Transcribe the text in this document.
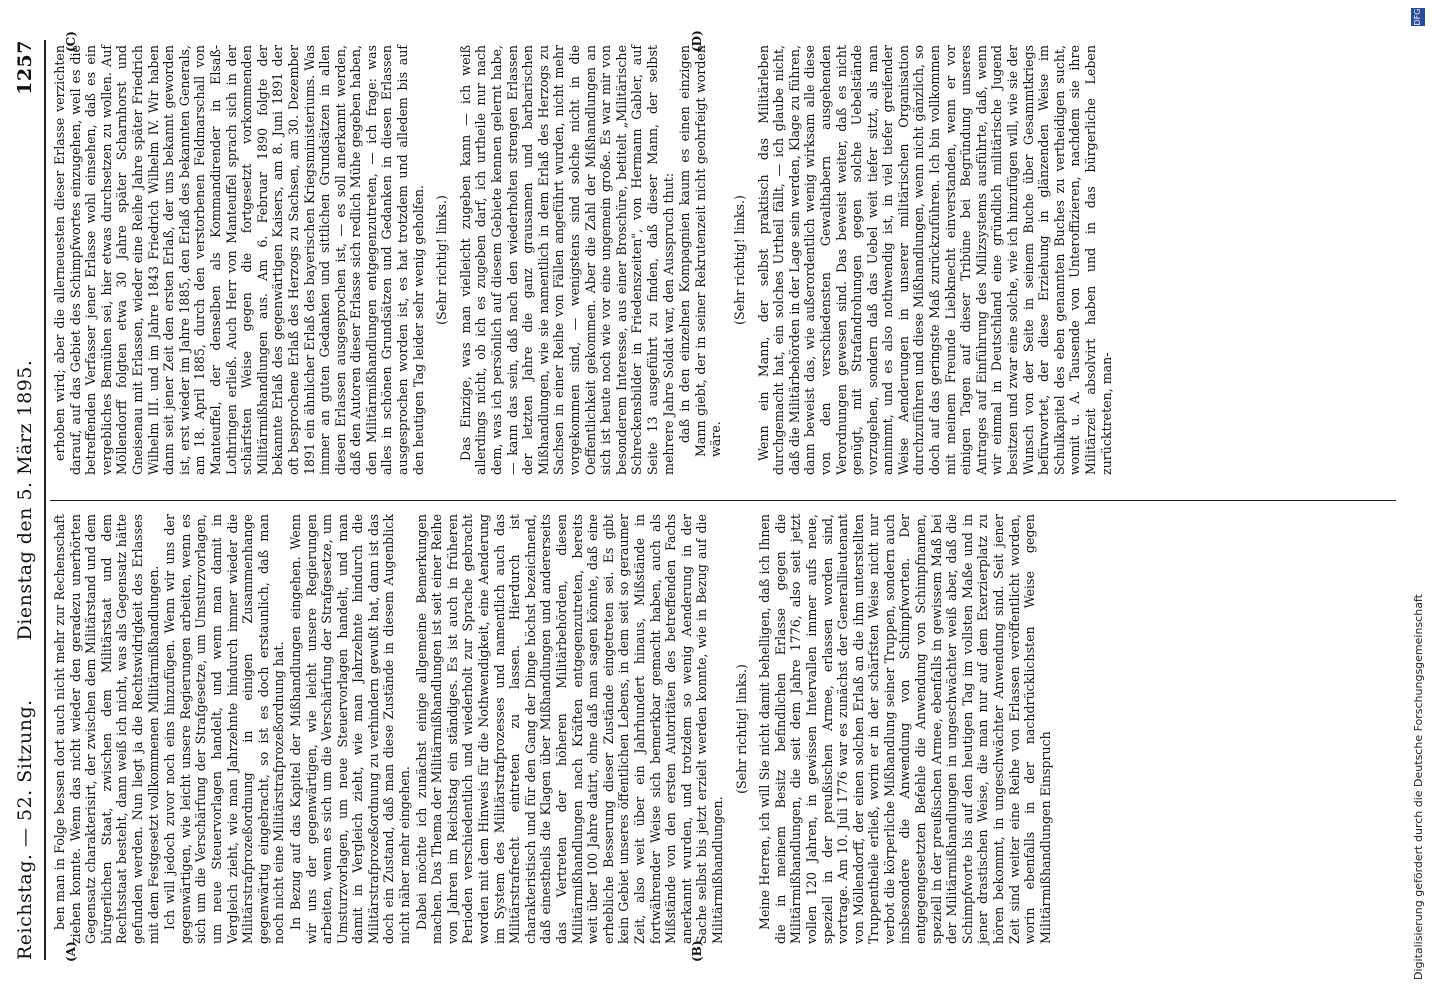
Reichstag. — 52. Sitzung.
Dienstag den 5. März 1895.
1257
(A)	(B)
(C)	(D)

ben man in Folge bessen dort auch nicht mehr zur Rechenschaft ziehen konnte. Wenn das nicht wieder den geradezu unerhörten Gegensatz charakterisirt, der zwischen dem Militärstand und dem bürgerlichen Staat, zwischen dem Militärstaat und dem Rechtsstaat besteht, dann weiß ich nicht, was als Gegensatz hätte gefunden werden. Nun liegt ja die Rechtswidrigkeit des Erlasses mit dem Festgesetzt vollkommenen Militärmißhandlungen. Ich will jedoch zuvor noch eins hinzufügen. Wenn wir uns der gegenwärtigen, wie leicht unsere Regierungen arbeiten, wenn es sich um die Verschärfung der Strafgesetze, um Umsturzvorlagen, um neue Steuervorlagen handelt, und wenn man damit in Vergleich zieht, wie man Jahrzehnte hindurch immer wieder die Militärstrafprozeßordnung in einigen Zusammenhange gegenwärtig eingebracht, so ist es doch erstaunlich, daß man noch nicht eine Militärstrafprozeßordnung hat. In Bezug auf das Kapitel der Mißhandlungen eingehen. Wenn wir uns der gegenwärtigen, wie leicht unsere Regierungen arbeiten, wenn es sich um die Verschärfung der Strafgesetze, um Umsturzvorlagen, um neue Steuervorlagen handelt, und man damit in Vergleich zieht, wie man Jahrzehnte hindurch die Militärstrafprozeßordnung zu verhindern gewußt hat, dann ist das doch ein Zustand, daß man diese Zustände in diesem Augenblick nicht näher mehr eingehen. Dabei möchte ich zunächst einige allgemeine Bemerkungen machen. Das Thema der Militärmißhandlungen ist seit einer Reihe von Jahren im Reichstag ein ständiges. Es ist auch in früheren Perioden verschiedentlich und wiederholt zur Sprache gebracht worden mit dem Hinweis für die Nothwendigkeit, eine Aenderung im System des Militärstrafprozesses und namentlich auch das Militärstrafrecht eintreten zu lassen. Hierdurch ist charakteristisch und für den Gang der Dinge höchst bezeichnend, daß einestheils die Klagen über Mißhandlungen und andererseits das Vertreten der höheren Militärbehörden, diesen Militärmißhandlungen nach Kräften entgegenzutreten, bereits weit über 100 Jahre datirt, ohne daß man sagen könnte, daß eine erhebliche Besserung dieser Zustände eingetreten sei. Es gibt kein Gebiet unseres öffentlichen Lebens, in dem seit so geraumer Zeit, also weit über ein Jahrhundert hinaus, Mißstände in fortwährender Weise sich bemerkbar gemacht haben, auch als Mißstände von den ersten Autoritäten des betreffenden Fachs anerkannt wurden, und trotzdem so wenig Aenderung in der Sache selbst bis jetzt erzielt werden konnte, wie in Bezug auf die Militärmißhandlungen.

(Sehr richtig! links.) Meine Herren, ich will Sie nicht damit behelligen, daß ich Ihnen die in meinem Besitz befindlichen Erlasse gegen die Militärmißhandlungen, die seit dem Jahre 1776, also seit jetzt vollen 120 Jahren, in gewissen Intervallen immer aufs neue, speziell in der preußischen Armee, erlassen worden sind, vortrage. Am 10. Juli 1776 war es zunächst der Generallieutenant von Möllendorff, der einen solchen Erlaß an die ihm unterstellten Truppentheile erließ, worin er in der schärfsten Weise nicht nur verbot die körperliche Mißhandlung seiner Truppen, sondern auch insbesondere die Anwendung von Schimpfworten. Der entgegengesetzten Befehle die Anwendung von Schimpfnamen, speziell in der preußischen Armee, ebenfalls in gewissem Maß bei der Militärmißhandlungen in ungeschwächter weiß aber, daß die Schimpfworte bis auf den heutigen Tag im vollsten Maße und in jener drastischen Weise, die man nur auf dem Exerzierplatz zu hören bekommt, in ungeschwächter Anwendung sind. Seit jener Zeit sind weiter eine Reihe von Erlassen veröffentlicht worden, worin ebenfalls in der nachdrücklichsten Weise gegen Militärmißhandlungen Einspruch

erhoben wird; aber die allerneuesten dieser Erlasse verzichten darauf, auf das Gebiet des Schimpfwortes einzugehen, weil es die betreffenden Verfasser jener Erlasse wohl einsehen, daß es ein vergebliches Bemühen sei, hier etwas durchsetzen zu wollen. Auf Möllendorff folgten etwa 30 Jahre später Scharnhorst und Gneisenau mit Erlassen, wieder eine Reihe Jahre später Friedrich Wilhelm III. und im Jahre 1843 Friedrich Wilhelm IV. Wir haben dann seit jener Zeit den ersten Erlaß, der uns bekannt geworden ist, erst wieder im Jahre 1885, den Erlaß des bekannten Generals, am 18. April 1885, durch den verstorbenen Feldmarschall von Manteuffel, der denselben als Kommandirender in Elsaß-Lothringen erließ. Auch Herr von Manteuffel sprach sich in der schärfsten Weise gegen die fortgesetzt vorkommenden Militärmißhandlungen aus. Am 6. Februar 1890 folgte der bekannte Erlaß des gegenwärtigen Kaisers, am 8. Juni 1891 der oft besprochene Erlaß des Herzogs zu Sachsen, am 30. Dezember 1891 ein ähnlicher Erlaß des bayerischen Kriegsministeriums. Was immer an guten Gedanken und sittlichen Grundsätzen in allen diesen Erlassen ausgesprochen ist, — es soll anerkannt werden, daß den Autoren dieser Erlasse sich redlich Mühe gegeben haben, den Militärmißhandlungen entgegenzutreten, — ich frage: was alles in schönen Grundsätzen und Gedanken in diesen Erlassen ausgesprochen worden ist, es hat trotzdem und alledem bis auf den heutigen Tag leider sehr wenig geholfen. (Sehr richtig! links.) Das Einzige, was man vielleicht zugeben kann — ich weiß allerdings nicht, ob ich es zugeben darf, ich urtheile nur nach dem, was ich persönlich auf diesem Gebiete kennen gelernt habe, — kann das sein, daß nach den wiederholten strengen Erlassen der letzten Jahre die ganz grausamen und barbarischen Mißhandlungen, wie sie namentlich in dem Erlaß des Herzogs zu Sachsen in einer Reihe von Fällen angeführt wurden, nicht mehr vorgekommen sind, — wenigstens sind solche nicht in die Oeffentlichkeit gekommen. Aber die Zahl der Mißhandlungen an sich ist heute noch wie vor eine ungemein große. Es war mir von besonderem Interesse, aus einer Broschüre, betitelt „Militärische Schreckensbilder in Friedenszeiten", von Hermann Gabler, auf Seite 13 ausgeführt zu finden, daß dieser Mann, der selbst mehrere Jahre Soldat war, den Ausspruch thut: daß in den einzelnen Kompagnien kaum es einen einzigen Mann giebt, der in seiner Rekrutenzeit nicht geohrfeigt worden wäre.

(Sehr richtig! links.) Wenn ein Mann, der selbst praktisch das Militärleben durchgemacht hat, ein solches Urtheil fällt, — ich glaube nicht, daß die Militärbehörden in der Lage sein werden, Klage zu führen, dann beweist das, wie außerordentlich wenig wirksam alle diese von den verschiedensten Gewalthabern ausgehenden Verordnungen gewesen sind. Das beweist weiter, daß es nicht genügt, mit Strafandrohungen gegen solche Uebelstände vorzugehen, sondern daß das Uebel weit tiefer sitzt, als man annimmt, und es also nothwendig ist, in viel tiefer greifender Weise Aenderungen in unserer militärischen Organisation durchzuführen und diese Mißhandlungen, wenn nicht gänzlich, so doch auf das geringste Maß zurückzuführen. Ich bin vollkommen mit meinem Freunde Liebknecht einverstanden, wenn er vor einigen Tagen auf dieser Tribüne bei Begründung unseres Antrages auf Einführung des Milizsystems ausführte, daß, wenn wir einmal in Deutschland eine gründlich militärische Jugend besitzen und zwar eine solche, wie ich hinzufügen will, wie sie der Wunsch von der Seite in seinem Buche über Gesammtkriegs befürwortet, der diese Erziehung in glänzenden Weise im Schulkapitel des eben genannten Buches zu vertheidigen sucht, womit u. A. Tausende von Unteroffizieren, nachdem sie ihre Militärzeit absolvirt haben und in das bürgerliche Leben zurücktreten, man-

Digitalisierung gefördert durch die Deutsche Forschungsgemeinschaft
DFG
